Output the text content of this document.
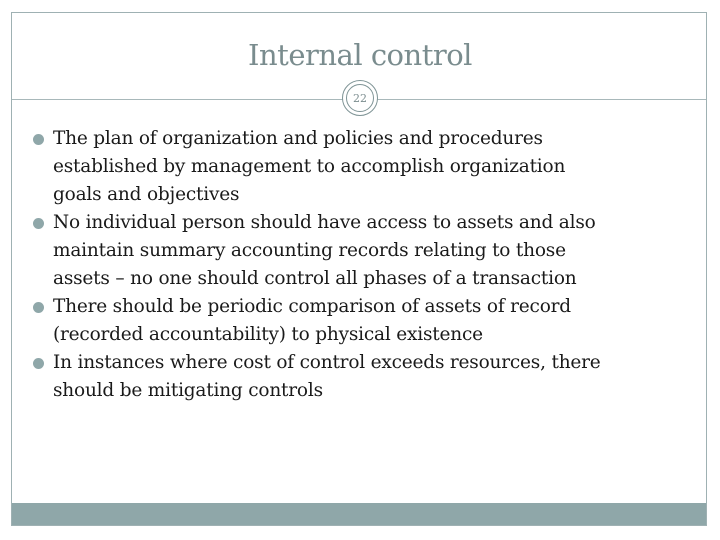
Internal control
22
The plan of organization and policies and procedures
established by management to accomplish organization
goals and objectives
No individual person should have access to assets and also
maintain summary accounting records relating to those
assets – no one should control all phases of a transaction
There should be periodic comparison of assets of record
(recorded accountability) to physical existence
In instances where cost of control exceeds resources, there
should be mitigating controls
